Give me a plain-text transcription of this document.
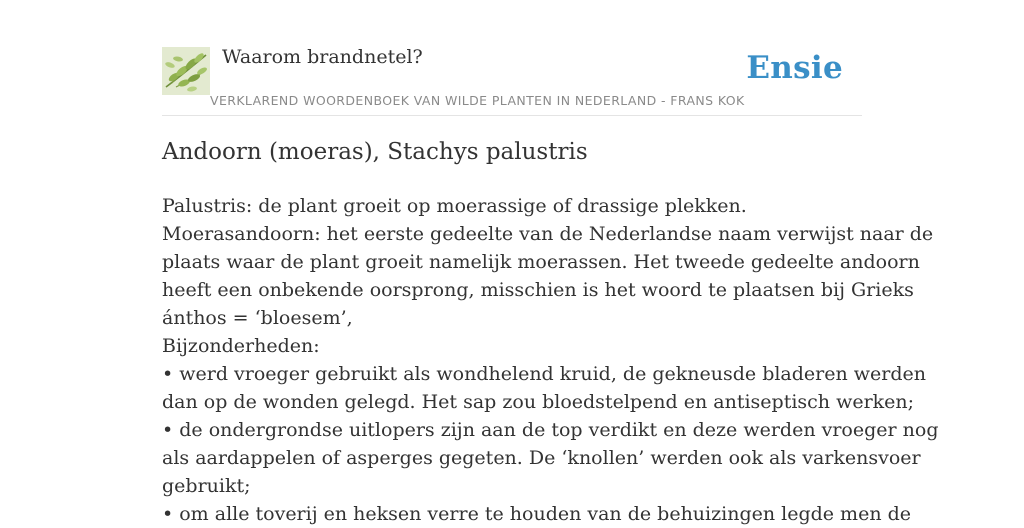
Waarom brandnetel?
VERKLAREND WOORDENBOEK VAN WILDE PLANTEN IN NEDERLAND - FRANS KOK
Ensie
Andoorn (moeras), Stachys palustris
Palustris: de plant groeit op moerassige of drassige plekken.
Moerasandoorn: het eerste gedeelte van de Nederlandse naam verwijst naar de
plaats waar de plant groeit namelijk moerassen. Het tweede gedeelte andoorn
heeft een onbekende oorsprong, misschien is het woord te plaatsen bij Grieks
ánthos = ‘bloesem’,
Bijzonderheden:
• werd vroeger gebruikt als wondhelend kruid, de gekneusde bladeren werden
dan op de wonden gelegd. Het sap zou bloedstelpend en antiseptisch werken;
• de ondergrondse uitlopers zijn aan de top verdikt en deze werden vroeger nog
als aardappelen of asperges gegeten. De ‘knollen’ werden ook als varkensvoer
gebruikt;
• om alle toverij en heksen verre te houden van de behuizingen legde men de
